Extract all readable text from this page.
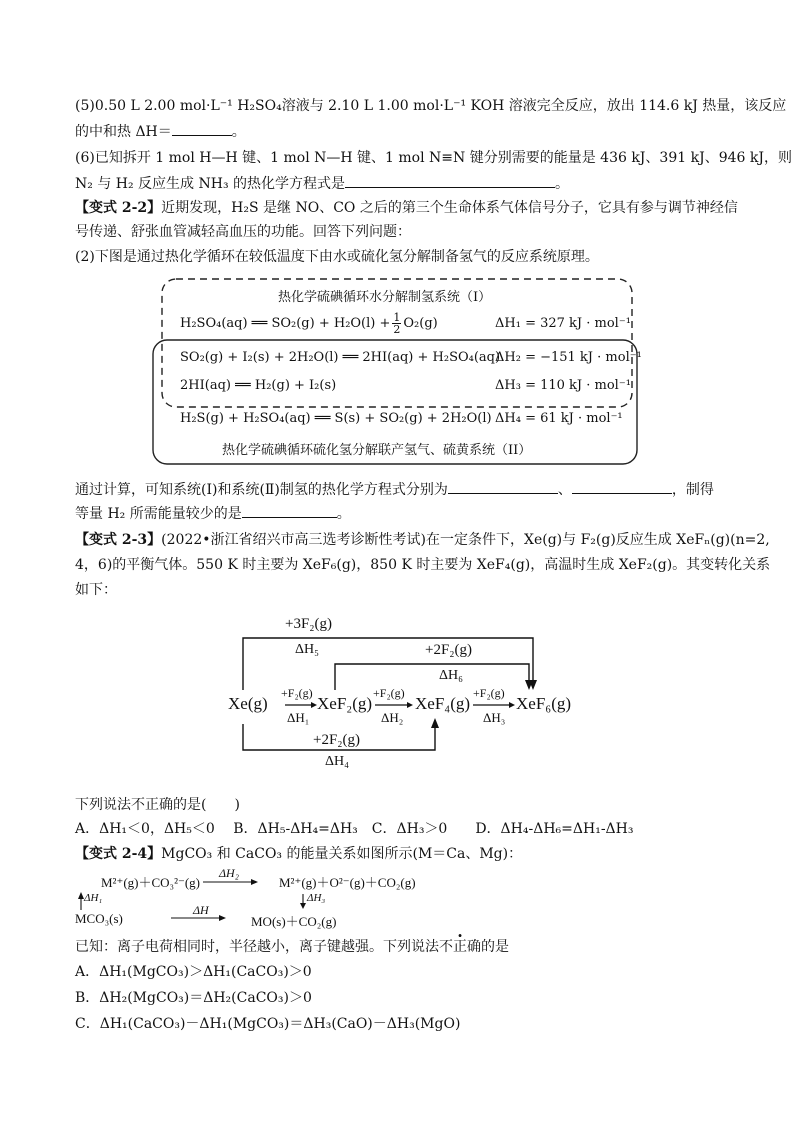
(5)0.50 L 2.00 mol·L⁻¹ H₂SO₄溶液与 2.10 L 1.00 mol·L⁻¹ KOH 溶液完全反应，放出 114.6 kJ 热量，该反应
的中和热 ΔH＝	。
(6)已知拆开 1 mol H—H 键、1 mol N—H 键、1 mol N≡N 键分别需要的能量是 436 kJ、391 kJ、946 kJ，则
N₂ 与 H₂ 反应生成 NH₃ 的热化学方程式是	。
【变式 2-2】近期发现，H₂S 是继 NO、CO 之后的第三个生命体系气体信号分子，它具有参与调节神经信
号传递、舒张血管减轻高血压的功能。回答下列问题：
(2)下图是通过热化学循环在较低温度下由水或硫化氢分解制备氢气的反应系统原理。
热化学硫碘循环水分解制氢系统（I）
H₂SO₄(aq) ══ $SO_2(g) + H_2O(l) + \frac{1}{2} O_2(g)$	ΔH₁ = 327 kJ · mol⁻¹
SO₂(g) + I₂(s) + 2H₂O(l) ══ 2HI(aq) + H₂SO₄(aq)
ΔH₂ = −151 kJ · mol⁻¹
2HI(aq) ══ H₂(g) + I₂(s)	ΔH₃ = 110 kJ · mol⁻¹
H₂S(g) + H₂SO₄(aq) ══ S(s) + SO₂(g) + 2H₂O(l) ΔH₄ = 61 kJ · mol⁻¹
热化学硫碘循环硫化氢分解联产氢气、硫黄系统（II）
通过计算，可知系统(Ⅰ)和系统(Ⅱ)制氢的热化学方程式分别为	、	，制得
等量 H₂ 所需能量较少的是	。
【变式 2-3】(2022•浙江省绍兴市高三选考诊断性考试)在一定条件下，Xe(g)与 F₂(g)反应生成 XeFₙ(g)(n=2,
4，6)的平衡气体。550 K 时主要为 XeF₆(g)，850 K 时主要为 XeF₄(g)，高温时生成 XeF₂(g)。其变转化关系
如下：
+3F₂(g)
ΔH₅	+2F₂(g)
ΔH₆
Xe(g)	XeF₂(g)	XeF₄(g)	XeF₆(g)
+F₂(g)
ΔH₁
+F₂(g)
ΔH₂
+F₂(g)
ΔH₃
+2F₂(g)
ΔH₄
下列说法不正确的是(　　)
A．ΔH₁＜0，ΔH₅＜0　 B．ΔH₅-ΔH₄=ΔH₃　C．ΔH₃＞0　　D．ΔH₄-ΔH₆=ΔH₁-ΔH₃
【变式 2-4】MgCO₃ 和 CaCO₃ 的能量关系如图所示(M＝Ca、Mg)：
M²⁺(g)＋CO₃²⁻(g)
ΔH₂
M²⁺(g)＋O²⁻(g)＋CO₂(g)
ΔH₁	ΔH₃
MCO₃(s)
ΔH
MO(s)＋CO₂(g)
已知：离子电荷相同时，半径越小，离子键越强。下列说法不正确的是
A．ΔH₁(MgCO₃)＞ΔH₁(CaCO₃)＞0
B．ΔH₂(MgCO₃)＝ΔH₂(CaCO₃)＞0
C．ΔH₁(CaCO₃)－ΔH₁(MgCO₃)＝ΔH₃(CaO)－ΔH₃(MgO)
